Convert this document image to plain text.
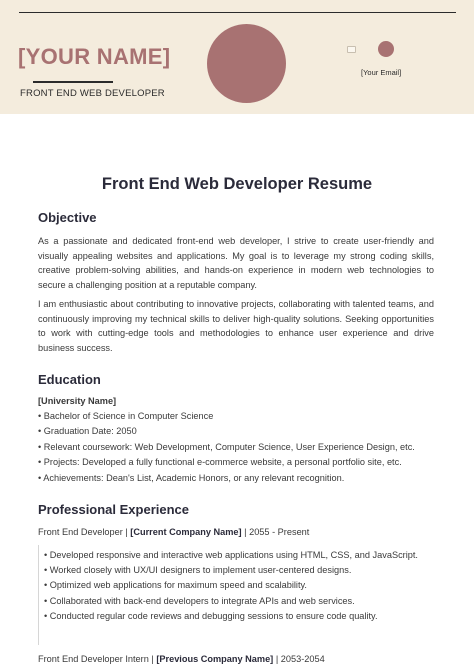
[YOUR NAME]
FRONT END WEB DEVELOPER
[Your Email]
Front End Web Developer Resume
Objective

As a passionate and dedicated front-end web developer, I strive to create user-friendly and visually appealing websites and applications. My goal is to leverage my strong coding skills, creative problem-solving abilities, and hands-on experience in modern web technologies to secure a challenging position at a reputable company.

I am enthusiastic about contributing to innovative projects, collaborating with talented teams, and continuously improving my technical skills to deliver high-quality solutions. Seeking opportunities to work with cutting-edge tools and methodologies to enhance user experience and drive business success.

Education
[University Name]
• Bachelor of Science in Computer Science
• Graduation Date: 2050
• Relevant coursework: Web Development, Computer Science, User Experience Design, etc.
• Projects: Developed a fully functional e-commerce website, a personal portfolio site, etc.
• Achievements: Dean's List, Academic Honors, or any relevant recognition.
Professional Experience
Front End Developer | [Current Company Name] | 2055 - Present
• Developed responsive and interactive web applications using HTML, CSS, and JavaScript.
• Worked closely with UX/UI designers to implement user-centered designs.
• Optimized web applications for maximum speed and scalability.
• Collaborated with back-end developers to integrate APIs and web services.
• Conducted regular code reviews and debugging sessions to ensure code quality.
Front End Developer Intern | [Previous Company Name] | 2053-2054
